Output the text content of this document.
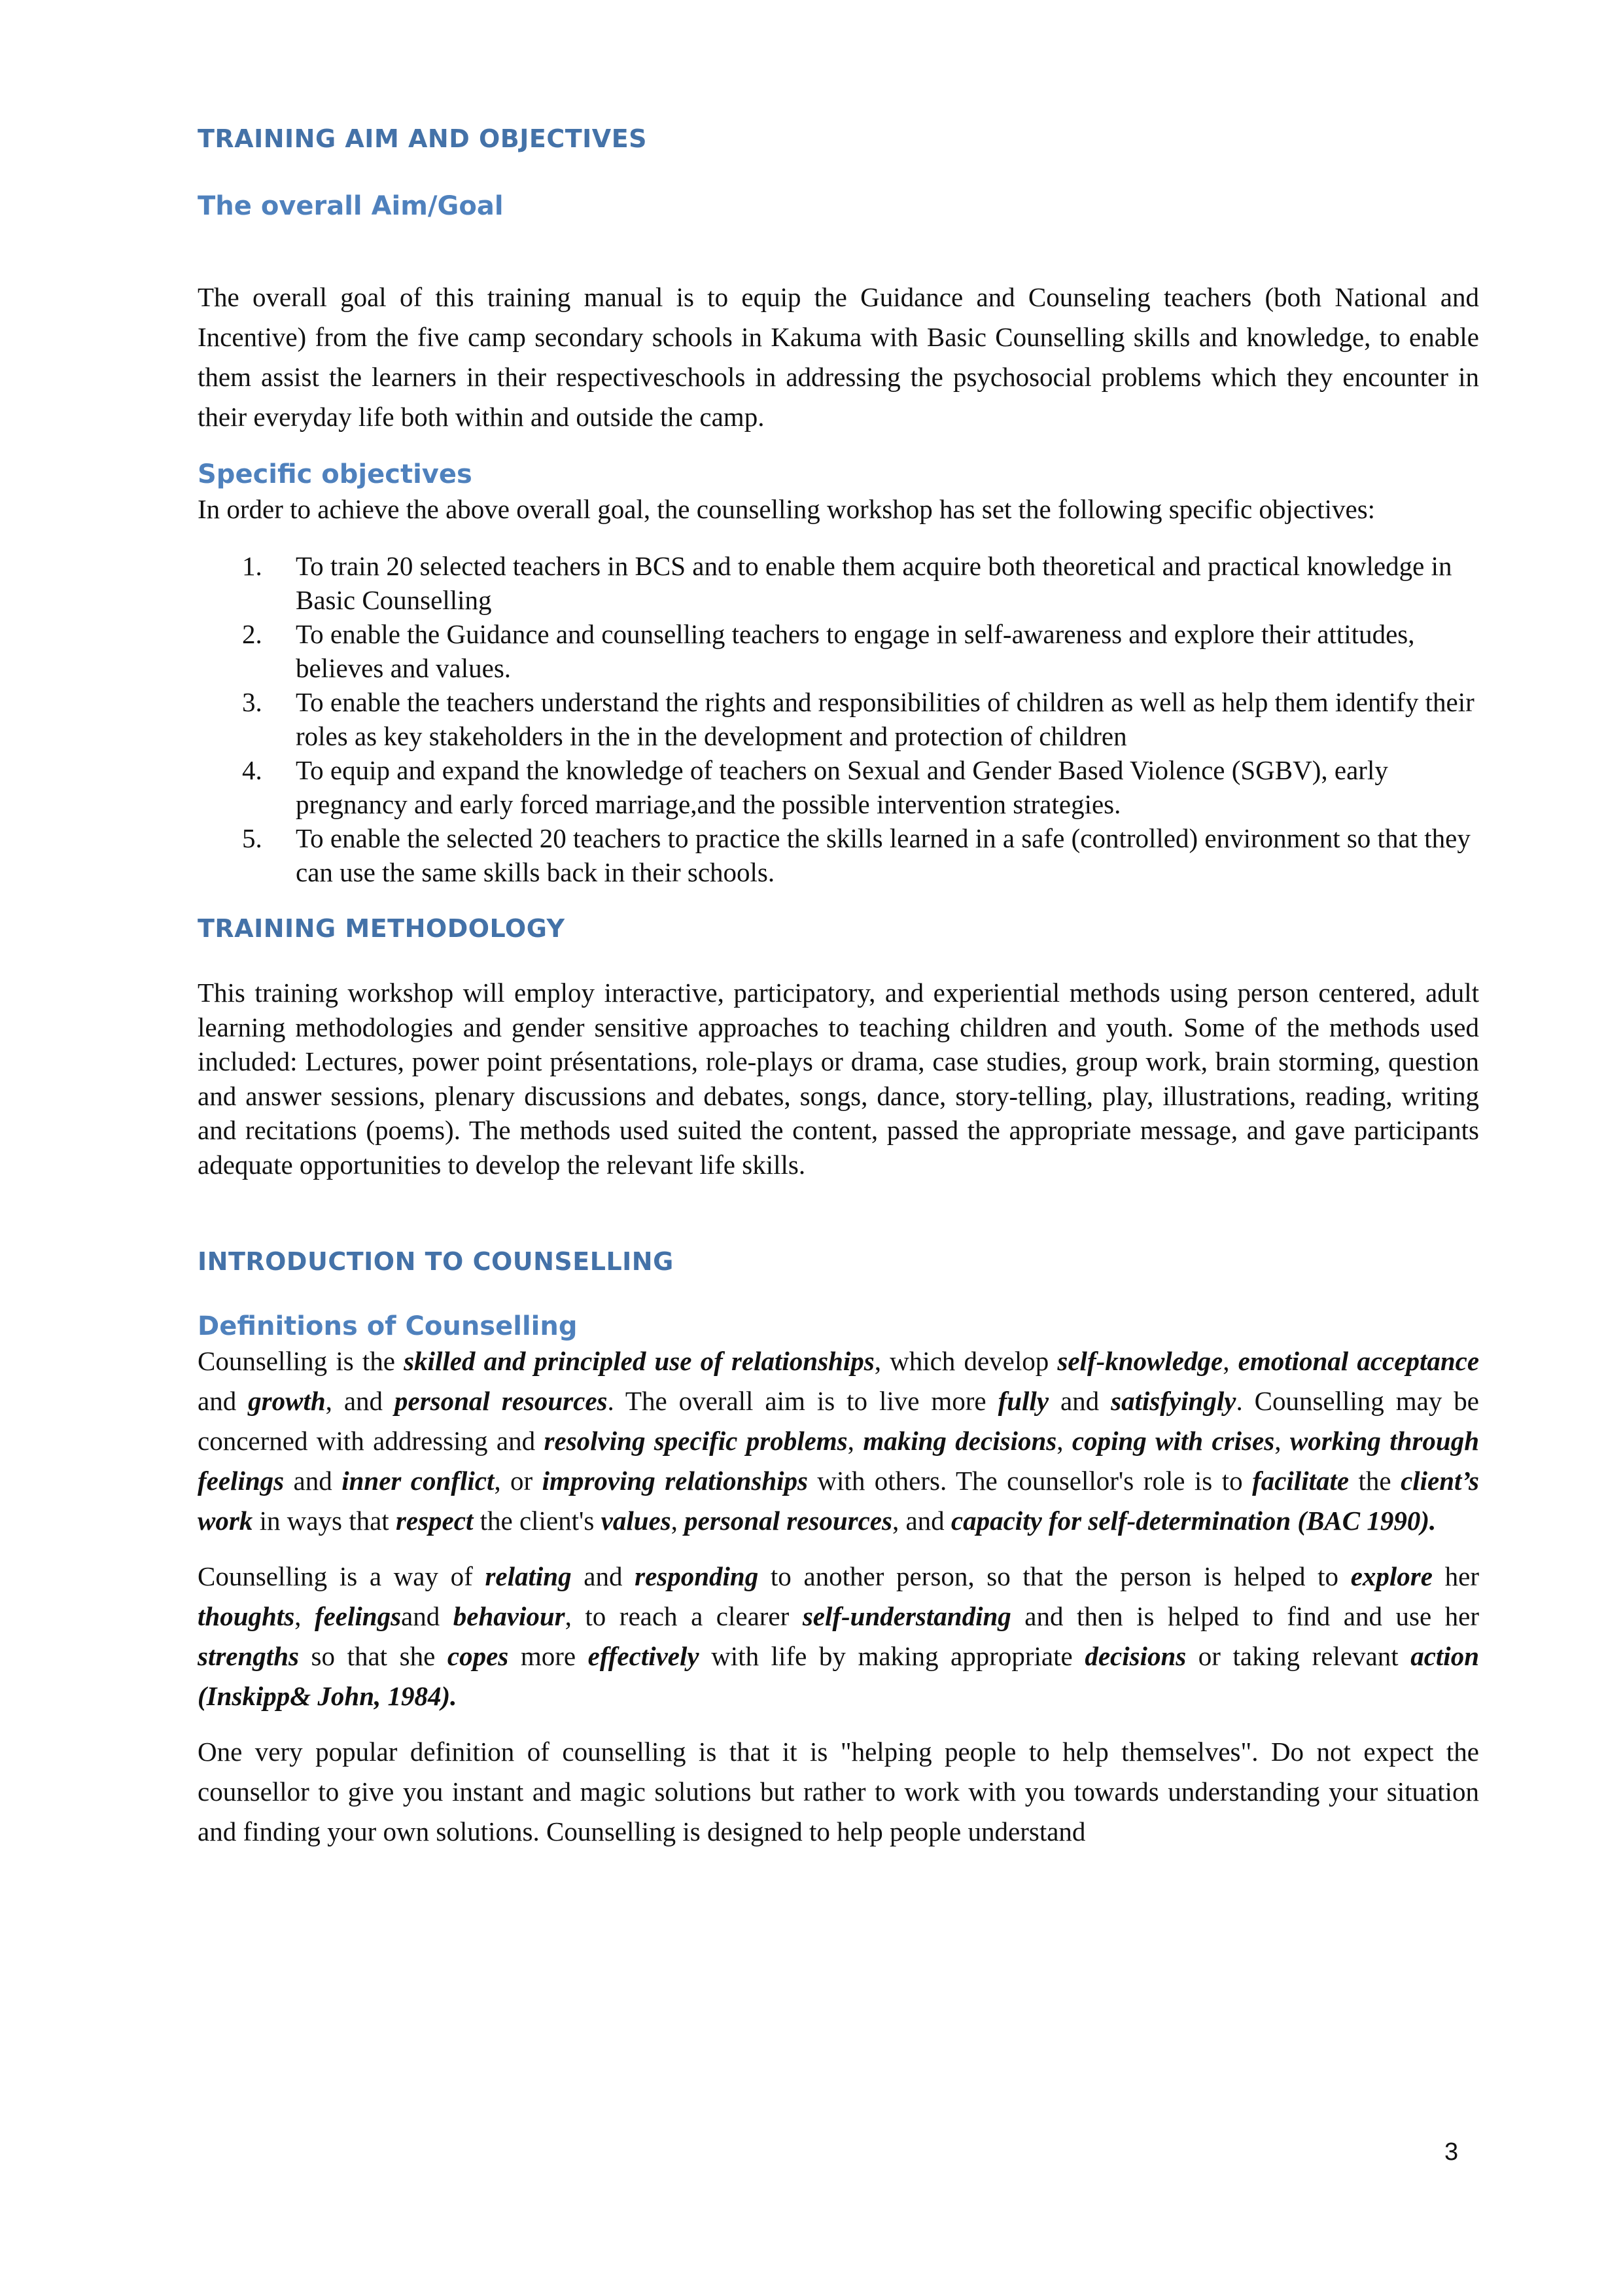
TRAINING AIM AND OBJECTIVES
The overall Aim/Goal

The overall goal of this training manual is to equip the Guidance and Counseling teachers (both National and Incentive) from the five camp secondary schools in Kakuma with Basic Counselling skills and knowledge, to enable them assist the learners in their respectiveschools in addressing the psychosocial problems which they encounter in their everyday life both within and outside the camp.

Specific objectives

In order to achieve the above overall goal, the counselling workshop has set the following specific objectives:

1. To train 20 selected teachers in BCS and to enable them acquire both theoretical and practical knowledge in Basic Counselling
2. To enable the Guidance and counselling teachers to engage in self-awareness and explore their attitudes, believes and values.
3. To enable the teachers understand the rights and responsibilities of children as well as help them identify their roles as key stakeholders in the in the development and protection of children
4. To equip and expand the knowledge of teachers on Sexual and Gender Based Violence (SGBV), early pregnancy and early forced marriage,and the possible intervention strategies.
5. To enable the selected 20 teachers to practice the skills learned in a safe (controlled) environment so that they can use the same skills back in their schools.
TRAINING METHODOLOGY

This training workshop will employ interactive, participatory, and experiential methods using person centered, adult learning methodologies and gender sensitive approaches to teaching children and youth. Some of the methods used included: Lectures, power point présentations, role-plays or drama, case studies, group work, brain storming, question and answer sessions, plenary discussions and debates, songs, dance, story-telling, play, illustrations, reading, writing and recitations (poems). The methods used suited the content, passed the appropriate message, and gave participants adequate opportunities to develop the relevant life skills.

INTRODUCTION TO COUNSELLING
Definitions of Counselling

Counselling is the skilled and principled use of relationships, which develop self-knowledge, emotional acceptance and growth, and personal resources. The overall aim is to live more fully and satisfyingly. Counselling may be concerned with addressing and resolving specific problems, making decisions, coping with crises, working through feelings and inner conflict, or improving relationships with others. The counsellor's role is to facilitate the client’s work in ways that respect the client's values, personal resources, and capacity for self-determination (BAC 1990).

Counselling is a way of relating and responding to another person, so that the person is helped to explore her thoughts, feelingsand behaviour, to reach a clearer self-understanding and then is helped to find and use her strengths so that she copes more effectively with life by making appropriate decisions or taking relevant action (Inskipp& John, 1984).

One very popular definition of counselling is that it is "helping people to help themselves". Do not expect the counsellor to give you instant and magic solutions but rather to work with you towards understanding your situation and finding your own solutions. Counselling is designed to help people understand

3
